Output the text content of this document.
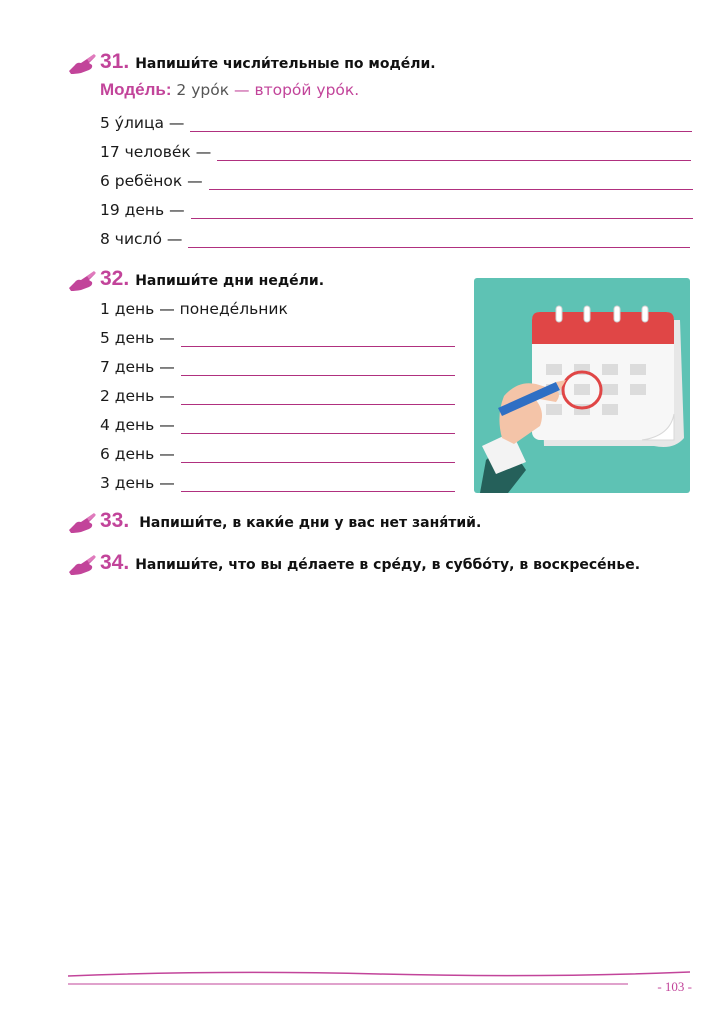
31. Напиши́те числи́тельные по моде́ли.
Моде́ль: 2 уро́к — второ́й уро́к.
5 у́лица —
17 челове́к —
6 ребёнок —
19 день —
8 число́ —
32. Напиши́те дни неде́ли.
1 день — понеде́льник
5 день —
7 день —
2 день —
4 день —
6 день —
3 день —
33. Напиши́те, в каки́е дни у вас нет заня́тий.
34. Напиши́те, что вы де́лаете в сре́ду, в суббо́ту, в воскресе́нье.
- 103 -
